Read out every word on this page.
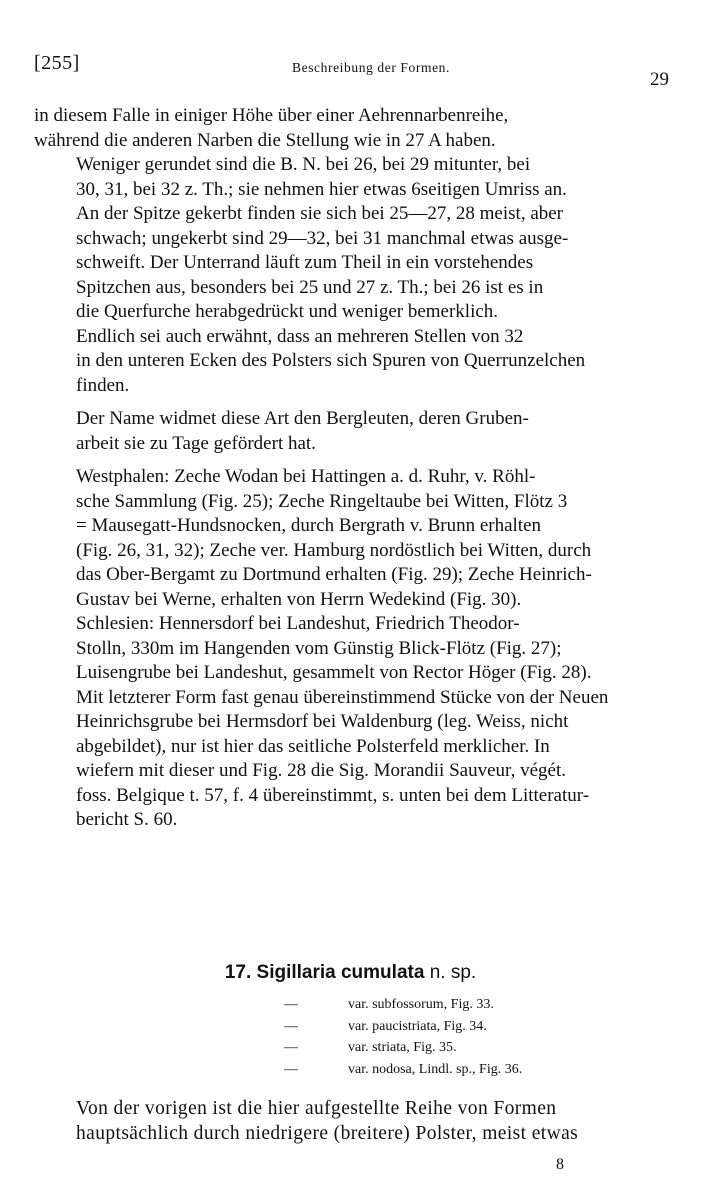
[255]	Beschreibung der Formen.
29

in diesem Falle in einiger Höhe über einer Aehrennarbenreihe,
während die anderen Narben die Stellung wie in 27 A haben.

Weniger gerundet sind die B. N. bei 26, bei 29 mitunter, bei
30, 31, bei 32 z. Th.; sie nehmen hier etwas 6seitigen Umriss an.
An der Spitze gekerbt finden sie sich bei 25—27, 28 meist, aber
schwach; ungekerbt sind 29—32, bei 31 manchmal etwas ausge-
schweift. Der Unterrand läuft zum Theil in ein vorstehendes
Spitzchen aus, besonders bei 25 und 27 z. Th.; bei 26 ist es in
die Querfurche herabgedrückt und weniger bemerklich.

Endlich sei auch erwähnt, dass an mehreren Stellen von 32
in den unteren Ecken des Polsters sich Spuren von Querrunzelchen
finden.

Der Name widmet diese Art den Bergleuten, deren Gruben-
arbeit sie zu Tage gefördert hat.

Westphalen: Zeche Wodan bei Hattingen a. d. Ruhr, v. Röhl-
sche Sammlung (Fig. 25); Zeche Ringeltaube bei Witten, Flötz 3
= Mausegatt-Hundsnocken, durch Bergrath v. Brunn erhalten
(Fig. 26, 31, 32); Zeche ver. Hamburg nordöstlich bei Witten, durch
das Ober-Bergamt zu Dortmund erhalten (Fig. 29); Zeche Heinrich-
Gustav bei Werne, erhalten von Herrn Wedekind (Fig. 30).

Schlesien: Hennersdorf bei Landeshut, Friedrich Theodor-
Stolln, 330m im Hangenden vom Günstig Blick-Flötz (Fig. 27);
Luisengrube bei Landeshut, gesammelt von Rector Höger (Fig. 28).
Mit letzterer Form fast genau übereinstimmend Stücke von der Neuen
Heinrichsgrube bei Hermsdorf bei Waldenburg (leg. Weiss, nicht
abgebildet), nur ist hier das seitliche Polsterfeld merklicher. In
wiefern mit dieser und Fig. 28 die Sig. Morandii Sauveur, végét.
foss. Belgique t. 57, f. 4 übereinstimmt, s. unten bei dem Litteratur-
bericht S. 60.

17. Sigillaria cumulata n. sp.
—	var. subfossorum, Fig. 33.
—	var. paucistriata, Fig. 34.
—	var. striata, Fig. 35.
—	var. nodosa, Lindl. sp., Fig. 36.

Von der vorigen ist die hier aufgestellte Reihe von Formen
hauptsächlich durch niedrigere (breitere) Polster, meist etwas

8
